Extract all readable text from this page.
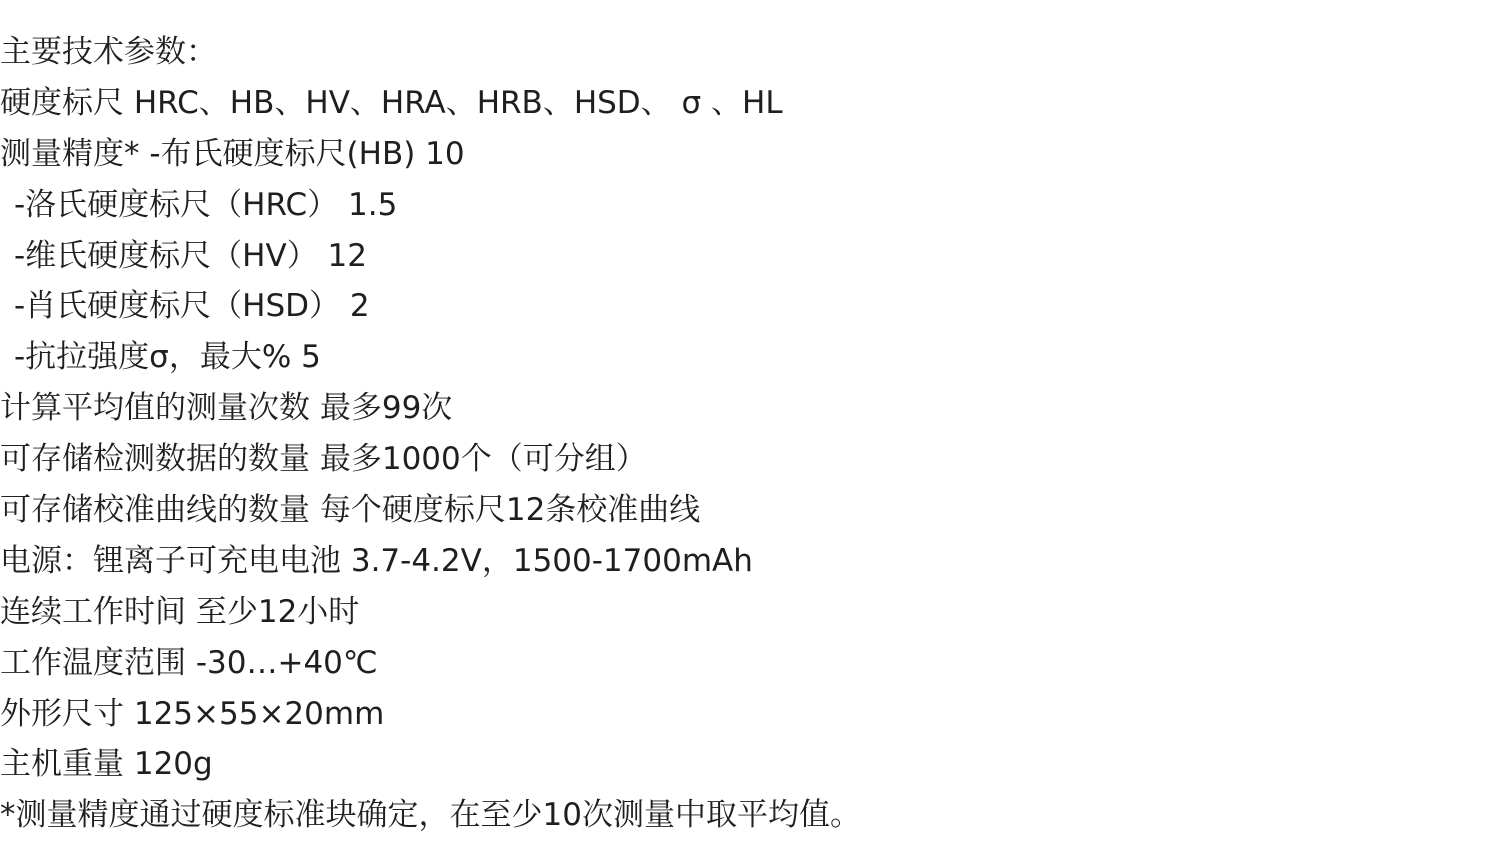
主要技术参数：
硬度标尺 HRC、HB、HV、HRA、HRB、HSD、 σ 、HL
测量精度* -布氏硬度标尺(HB) 10
-洛氏硬度标尺（HRC） 1.5
-维氏硬度标尺（HV） 12
-肖氏硬度标尺（HSD） 2
-抗拉强度σ，最大% 5
计算平均值的测量次数 最多99次
可存储检测数据的数量 最多1000个（可分组）
可存储校准曲线的数量 每个硬度标尺12条校准曲线
电源：锂离子可充电电池 3.7-4.2V，1500-1700mAh
连续工作时间 至少12小时
工作温度范围 -30…+40℃
外形尺寸 125×55×20mm
主机重量 120g
*测量精度通过硬度标准块确定，在至少10次测量中取平均值。
